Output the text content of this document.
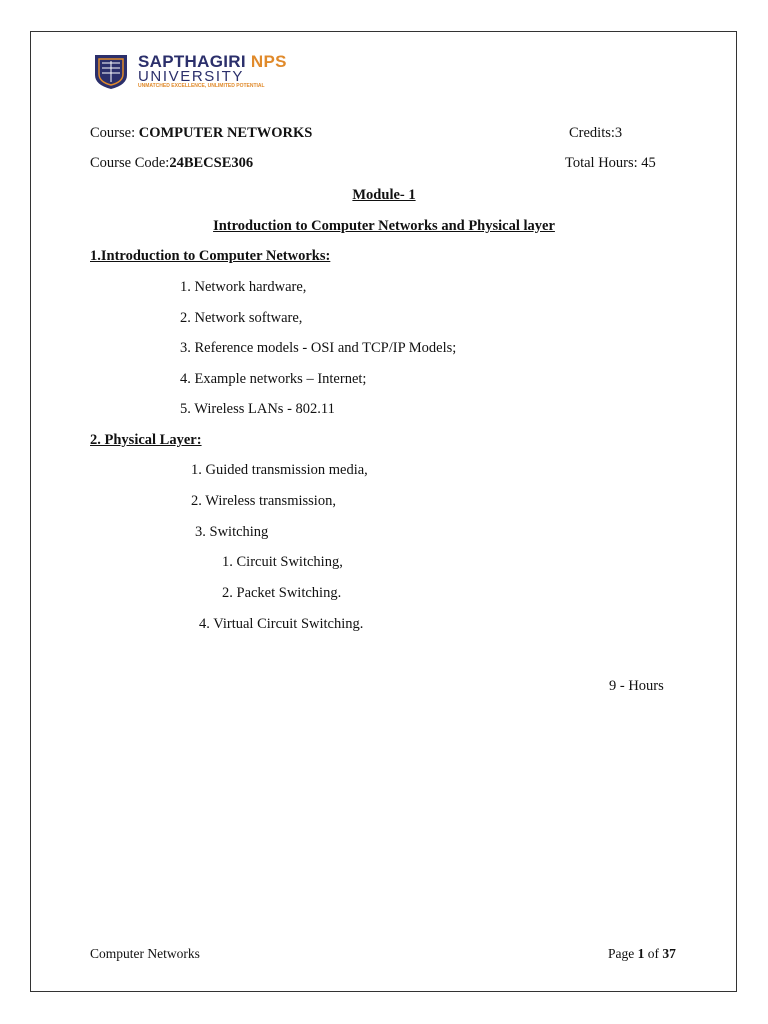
SAPTHAGIRI NPS
UNIVERSITY
UNMATCHED EXCELLENCE, UNLIMITED POTENTIAL
Course: COMPUTER NETWORKS	Credits:3
Course Code:24BECSE306	Total Hours: 45
Module- 1
Introduction to Computer Networks and Physical layer
1.Introduction to Computer Networks:
1. Network hardware,
2. Network software,
3. Reference models - OSI and TCP/IP Models;
4. Example networks – Internet;
5. Wireless LANs - 802.11
2. Physical Layer:
1. Guided transmission media,
2. Wireless transmission,
3. Switching
1. Circuit Switching,
2. Packet Switching.
4. Virtual Circuit Switching.
9 - Hours
Computer Networks	Page 1 of 37
